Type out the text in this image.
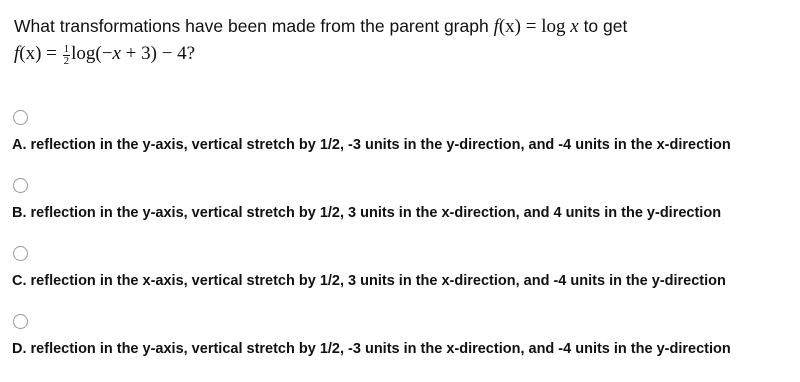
What transformations have been made from the parent graph f(x) = log x to get
$f(x) = \frac{1}{2} \log(-x + 3) - 4$?
A. reflection in the y-axis, vertical stretch by 1/2, -3 units in the y-direction, and -4 units in the x-direction
B. reflection in the y-axis, vertical stretch by 1/2, 3 units in the x-direction, and 4 units in the y-direction
C. reflection in the x-axis, vertical stretch by 1/2, 3 units in the x-direction, and -4 units in the y-direction
D. reflection in the y-axis, vertical stretch by 1/2, -3 units in the x-direction, and -4 units in the y-direction
